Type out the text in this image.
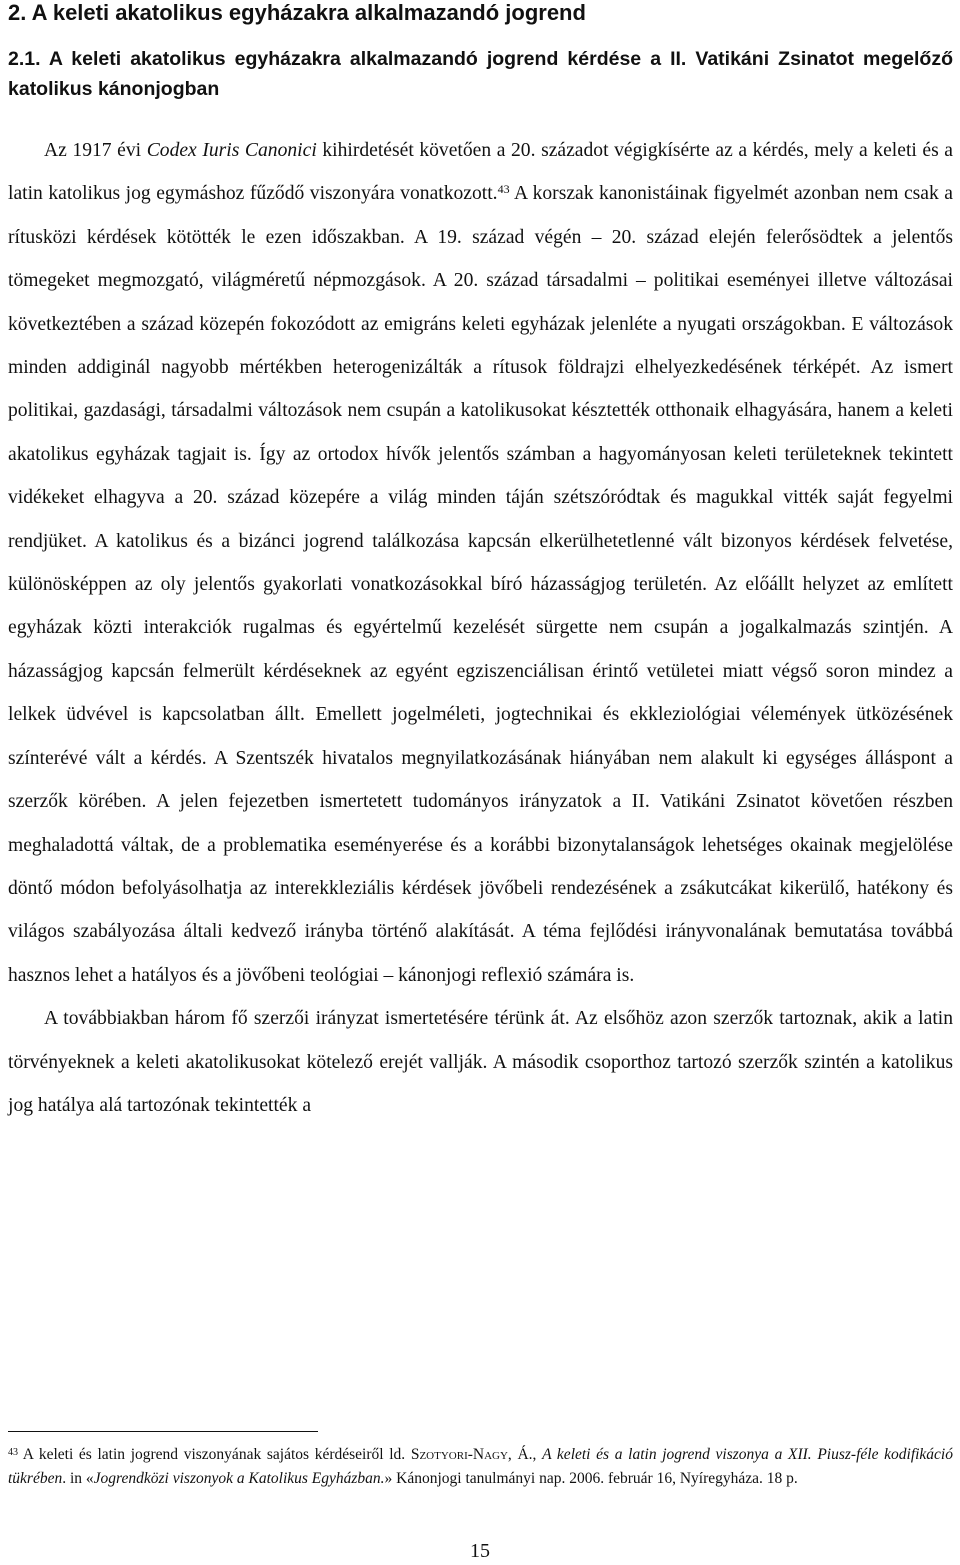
2. A keleti akatolikus egyházakra alkalmazandó jogrend
2.1. A keleti akatolikus egyházakra alkalmazandó jogrend kérdése a II. Vatikáni Zsinatot megelőző katolikus kánonjogban

Az 1917 évi Codex Iuris Canonici kihirdetését követően a 20. századot végigkísérte az a kérdés, mely a keleti és a latin katolikus jog egymáshoz fűződő viszonyára vonatkozott.$^{43}$ A korszak kanonistáinak figyelmét azonban nem csak a rítusközi kérdések kötötték le ezen időszakban. A 19. század végén – 20. század elején felerősödtek a jelentős tömegeket megmozgató, világméretű népmozgások. A 20. század társadalmi – politikai eseményei illetve változásai következtében a század közepén fokozódott az emigráns keleti egyházak jelenléte a nyugati országokban. E változások minden addiginál nagyobb mértékben heterogenizálták a rítusok földrajzi elhelyezkedésének térképét. Az ismert politikai, gazdasági, társadalmi változások nem csupán a katolikusokat késztették otthonaik elhagyására, hanem a keleti akatolikus egyházak tagjait is. Így az ortodox hívők jelentős számban a hagyományosan keleti területeknek tekintett vidékeket elhagyva a 20. század közepére a világ minden táján szétszóródtak és magukkal vitték saját fegyelmi rendjüket. A katolikus és a bizánci jogrend találkozása kapcsán elkerülhetetlenné vált bizonyos kérdések felvetése, különösképpen az oly jelentős gyakorlati vonatkozásokkal bíró házasságjog területén. Az előállt helyzet az említett egyházak közti interakciók rugalmas és egyértelmű kezelését sürgette nem csupán a jogalkalmazás szintjén. A házasságjog kapcsán felmerült kérdéseknek az egyént egziszenciálisan érintő vetületei miatt végső soron mindez a lelkek üdvével is kapcsolatban állt. Emellett jogelméleti, jogtechnikai és ekkleziológiai vélemények ütközésének színterévé vált a kérdés. A Szentszék hivatalos megnyilatkozásának hiányában nem alakult ki egységes álláspont a szerzők körében. A jelen fejezetben ismertetett tudományos irányzatok a II. Vatikáni Zsinatot követően részben meghaladottá váltak, de a problematika eseményerése és a korábbi bizonytalanságok lehetséges okainak megjelölése döntő módon befolyásolhatja az interekkleziális kérdések jövőbeli rendezésének a zsákutcákat kikerülő, hatékony és világos szabályozása általi kedvező irányba történő alakítását. A téma fejlődési irányvonalának bemutatása továbbá hasznos lehet a hatályos és a jövőbeni teológiai – kánonjogi reflexió számára is.

A továbbiakban három fő szerzői irányzat ismertetésére térünk át. Az elsőhöz azon szerzők tartoznak, akik a latin törvényeknek a keleti akatolikusokat kötelező erejét vallják. A második csoporthoz tartozó szerzők szintén a katolikus jog hatálya alá tartozónak tekintették a

$^{43}$ A keleti és latin jogrend viszonyának sajátos kérdéseiről ld. Szotyori-Nagy, Á., A keleti és a latin jogrend viszonya a XII. Piusz-féle kodifikáció tükrében. in «Jogrendközi viszonyok a Katolikus Egyházban.» Kánonjogi tanulmányi nap. 2006. február 16, Nyíregyháza. 18 p.

15
